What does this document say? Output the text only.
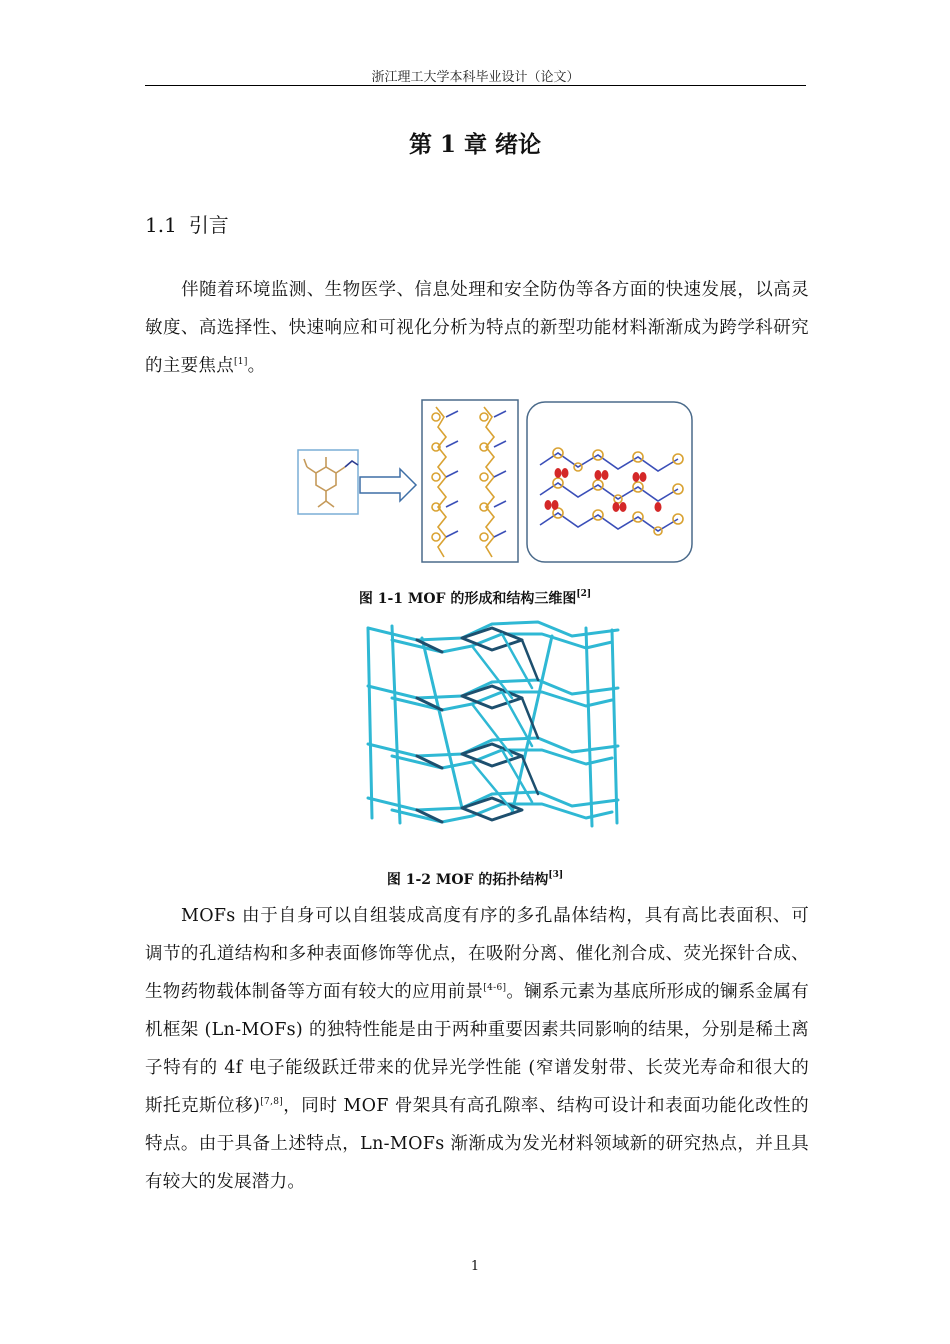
浙江理工大学本科毕业设计（论文）
第 1 章 绪论
1.1 引言
伴随着环境监测、生物医学、信息处理和安全防伪等各方面的快速发展，以高灵敏度、高选择性、快速响应和可视化分析为特点的新型功能材料渐渐成为跨学科研究的主要焦点[1]。
图 1-1 MOF 的形成和结构三维图[2]
图 1-2 MOF 的拓扑结构[3]
MOFs 由于自身可以自组装成高度有序的多孔晶体结构，具有高比表面积、可调节的孔道结构和多种表面修饰等优点，在吸附分离、催化剂合成、荧光探针合成、生物药物载体制备等方面有较大的应用前景[4-6]。镧系元素为基底所形成的镧系金属有机框架 (Ln-MOFs) 的独特性能是由于两种重要因素共同影响的结果，分别是稀土离子特有的 4f 电子能级跃迁带来的优异光学性能 (窄谱发射带、长荧光寿命和很大的斯托克斯位移)[7,8]，同时 MOF 骨架具有高孔隙率、结构可设计和表面功能化改性的特点。由于具备上述特点，Ln-MOFs 渐渐成为发光材料领域新的研究热点，并且具有较大的发展潜力。
1
